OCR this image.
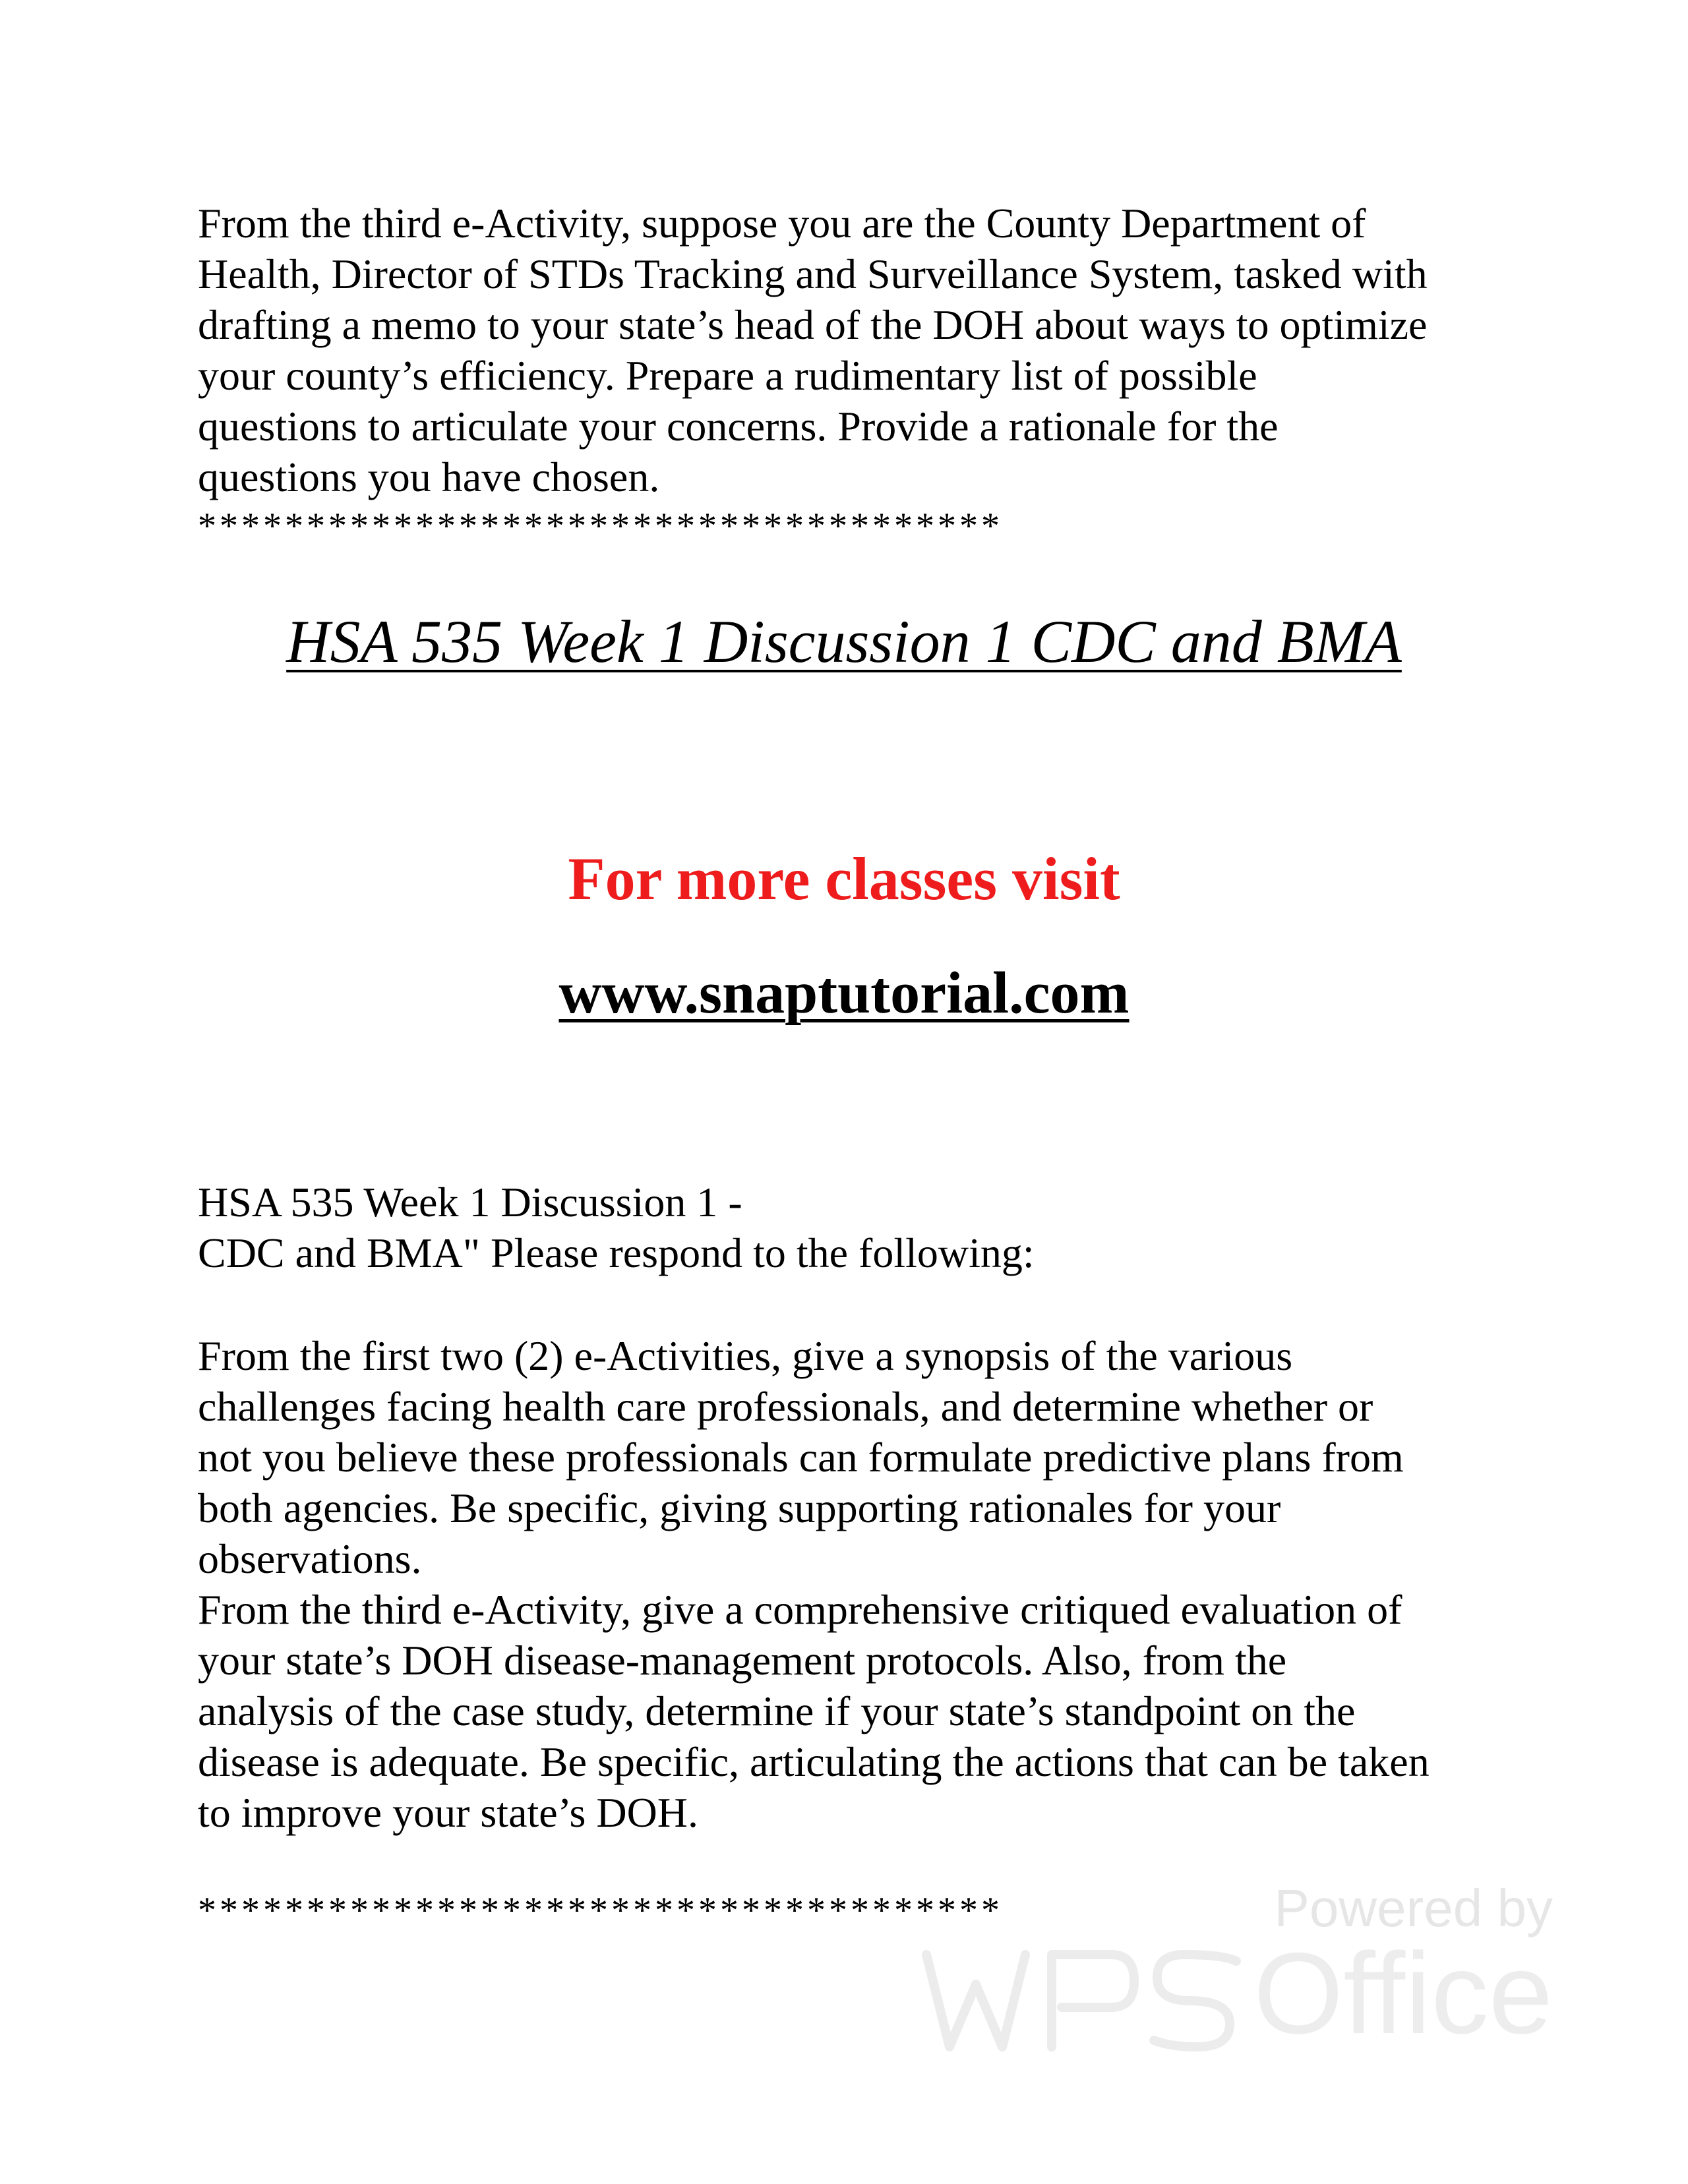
From the third e-Activity, suppose you are the County Department of
Health, Director of STDs Tracking and Surveillance System, tasked with
drafting a memo to your state’s head of the DOH about ways to optimize
your county’s efficiency. Prepare a rudimentary list of possible
questions to articulate your concerns. Provide a rationale for the
questions you have chosen.
*************************************
HSA 535 Week 1 Discussion 1 CDC and BMA
For more classes visit
www.snaptutorial.com
HSA 535 Week 1 Discussion 1 -
CDC and BMA" Please respond to the following:
From the first two (2) e-Activities, give a synopsis of the various
challenges facing health care professionals, and determine whether or
not you believe these professionals can formulate predictive plans from
both agencies. Be specific, giving supporting rationales for your
observations.
From the third e-Activity, give a comprehensive critiqued evaluation of
your state’s DOH disease-management protocols. Also, from the
analysis of the case study, determine if your state’s standpoint on the
disease is adequate. Be specific, articulating the actions that can be taken
to improve your state’s DOH.
*************************************	Powered by
Office
